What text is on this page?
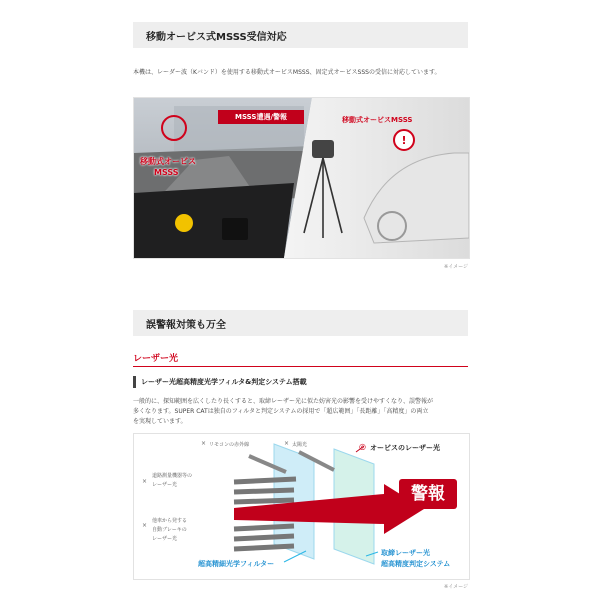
移動オービス式MSSS受信対応
本機は、レーダー波（Kバンド）を使用する移動式オービスMSSS、固定式オービスSSSの受信に対応しています。
!
MSSS遭遇/警報
移動式オービス
MSSS
移動式オービスMSSS
※イメージ
誤警報対策も万全
レーザー光
レーザー光超高精度光学フィルタ&判定システム搭載
一般的に、探知範囲を広くしたり長くすると、取締レーザー光に似た妨害光の影響を受けやすくなり、誤警報が
多くなります。SUPER CATは独自のフィルタと判定システムの採用で「超広範囲」「長距離」「高精度」の両立
を実現しています。
◎ オービスのレーザー光
× リモコンの赤外線	× 太陽光
×
道路測量機器等の
レーザー光
×
他車から発する
自動ブレーキの
レーザー光
警報
超高精細光学フィルター
取締レーザー光
超高精度判定システム
※イメージ
